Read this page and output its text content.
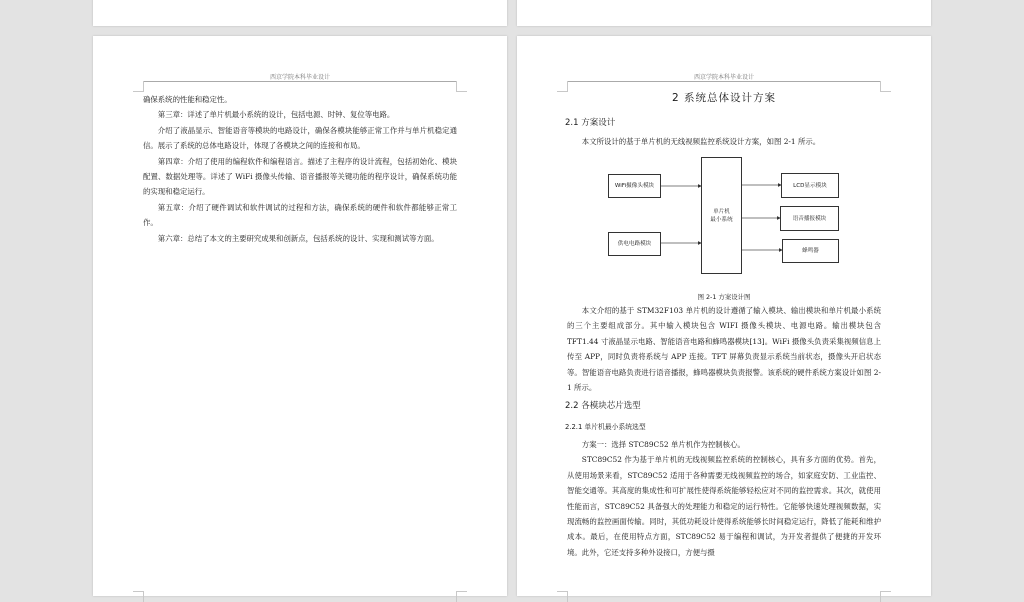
西京学院本科毕业设计

确保系统的性能和稳定性。

第三章：详述了单片机最小系统的设计，包括电源、时钟、复位等电路。

介绍了液晶显示、智能语音等模块的电路设计，确保各模块能够正常工作并与单片机稳定通信。展示了系统的总体电路设计，体现了各模块之间的连接和布局。

第四章：介绍了使用的编程软件和编程语言。描述了主程序的设计流程，包括初始化、模块配置、数据处理等。详述了 WiFi 摄像头传输、语音播报等关键功能的程序设计，确保系统功能的实现和稳定运行。

第五章：介绍了硬件调试和软件调试的过程和方法，确保系统的硬件和软件都能够正常工作。

第六章：总结了本文的主要研究成果和创新点，包括系统的设计、实现和测试等方面。

西京学院本科毕业设计
2 系统总体设计方案
2.1 方案设计

本文所设计的基于单片机的无线视频监控系统设计方案，如图 2-1 所示。

WiFi摄像头模块
供电电路模块
单片机
最小系统
LCD显示模块
语音播报模块
蜂鸣器
图 2-1 方案设计图

本文介绍的基于 STM32F103 单片机的设计遵循了输入模块、输出模块和单片机最小系统的三个主要组成部分。其中输入模块包含 WIFI 摄像头模块、电源电路。输出模块包含 TFT1.44 寸液晶显示电路、智能语音电路和蜂鸣器模块[13]。WiFi 摄像头负责采集视频信息上传至 APP，同时负责将系统与 APP 连接。TFT 屏幕负责显示系统当前状态，摄像头开启状态等。智能语音电路负责进行语音播报，蜂鸣器模块负责报警。该系统的硬件系统方案设计如图 2-1 所示。

2.2 各模块芯片选型
2.2.1 单片机最小系统选型

方案一：选择 STC89C52 单片机作为控制核心。

STC89C52 作为基于单片机的无线视频监控系统的控制核心，具有多方面的优势。首先，从使用场景来看，STC89C52 适用于各种需要无线视频监控的场合，如家庭安防、工业监控、智能交通等。其高度的集成性和可扩展性使得系统能够轻松应对不同的监控需求。其次，就使用性能而言，STC89C52 具备强大的处理能力和稳定的运行特性。它能够快速处理视频数据，实现流畅的监控画面传输。同时，其低功耗设计使得系统能够长时间稳定运行，降低了能耗和维护成本。最后，在使用特点方面，STC89C52 易于编程和调试，为开发者提供了便捷的开发环境。此外，它还支持多种外设接口，方便与摄
